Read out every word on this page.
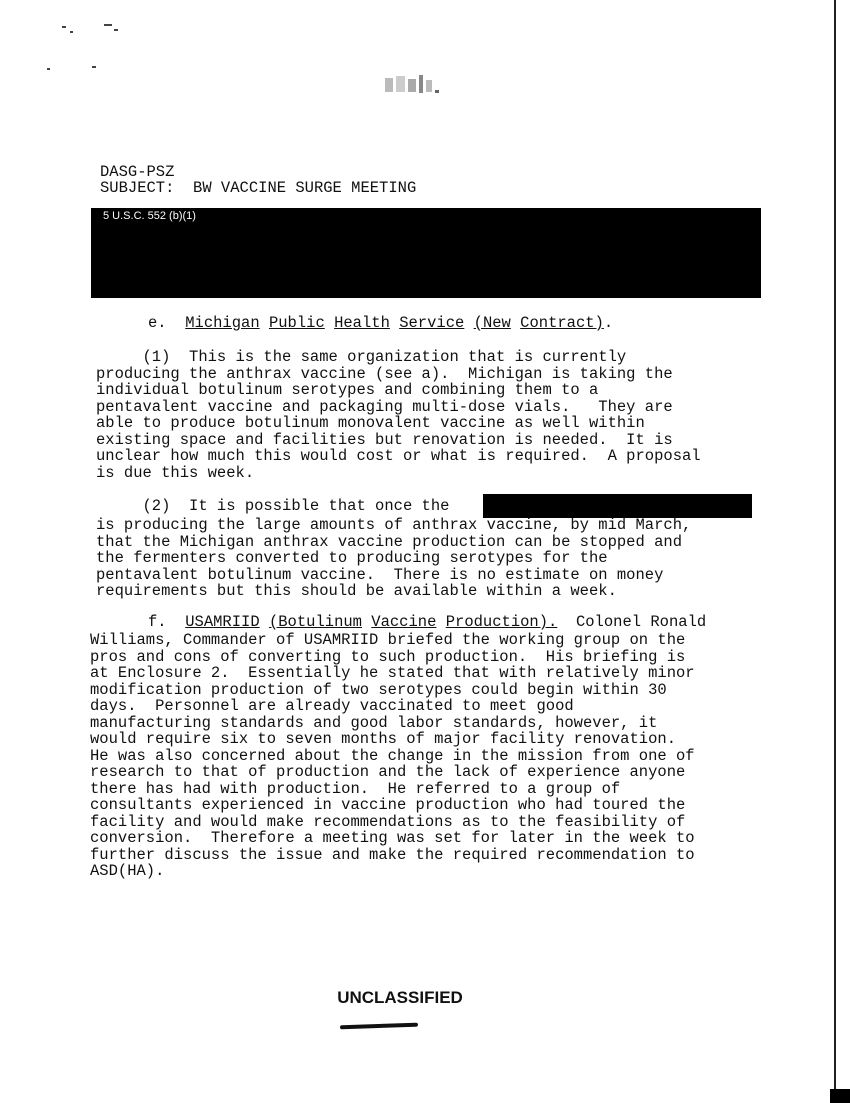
DASG-PSZ
SUBJECT: BW VACCINE SURGE MEETING
5 U.S.C. 552 (b)(1)
e. Michigan Public Health Service (New Contract).
(1)  This is the same organization that is currently
producing the anthrax vaccine (see a).  Michigan is taking the
individual botulinum serotypes and combining them to a
pentavalent vaccine and packaging multi-dose vials.   They are
able to produce botulinum monovalent vaccine as well within
existing space and facilities but renovation is needed.  It is
unclear how much this would cost or what is required.  A proposal
is due this week.
(2)  It is possible that once the
is producing the large amounts of anthrax vaccine, by mid March,
that the Michigan anthrax vaccine production can be stopped and
the fermenters converted to producing serotypes for the
pentavalent botulinum vaccine.  There is no estimate on money
requirements but this should be available within a week.
f. USAMRIID (Botulinum Vaccine Production).  Colonel Ronald
Williams, Commander of USAMRIID briefed the working group on the
pros and cons of converting to such production.  His briefing is
at Enclosure 2.  Essentially he stated that with relatively minor
modification production of two serotypes could begin within 30
days.  Personnel are already vaccinated to meet good
manufacturing standards and good labor standards, however, it
would require six to seven months of major facility renovation.
He was also concerned about the change in the mission from one of
research to that of production and the lack of experience anyone
there has had with production.  He referred to a group of
consultants experienced in vaccine production who had toured the
facility and would make recommendations as to the feasibility of
conversion.  Therefore a meeting was set for later in the week to
further discuss the issue and make the required recommendation to
ASD(HA).
UNCLASSIFIED
